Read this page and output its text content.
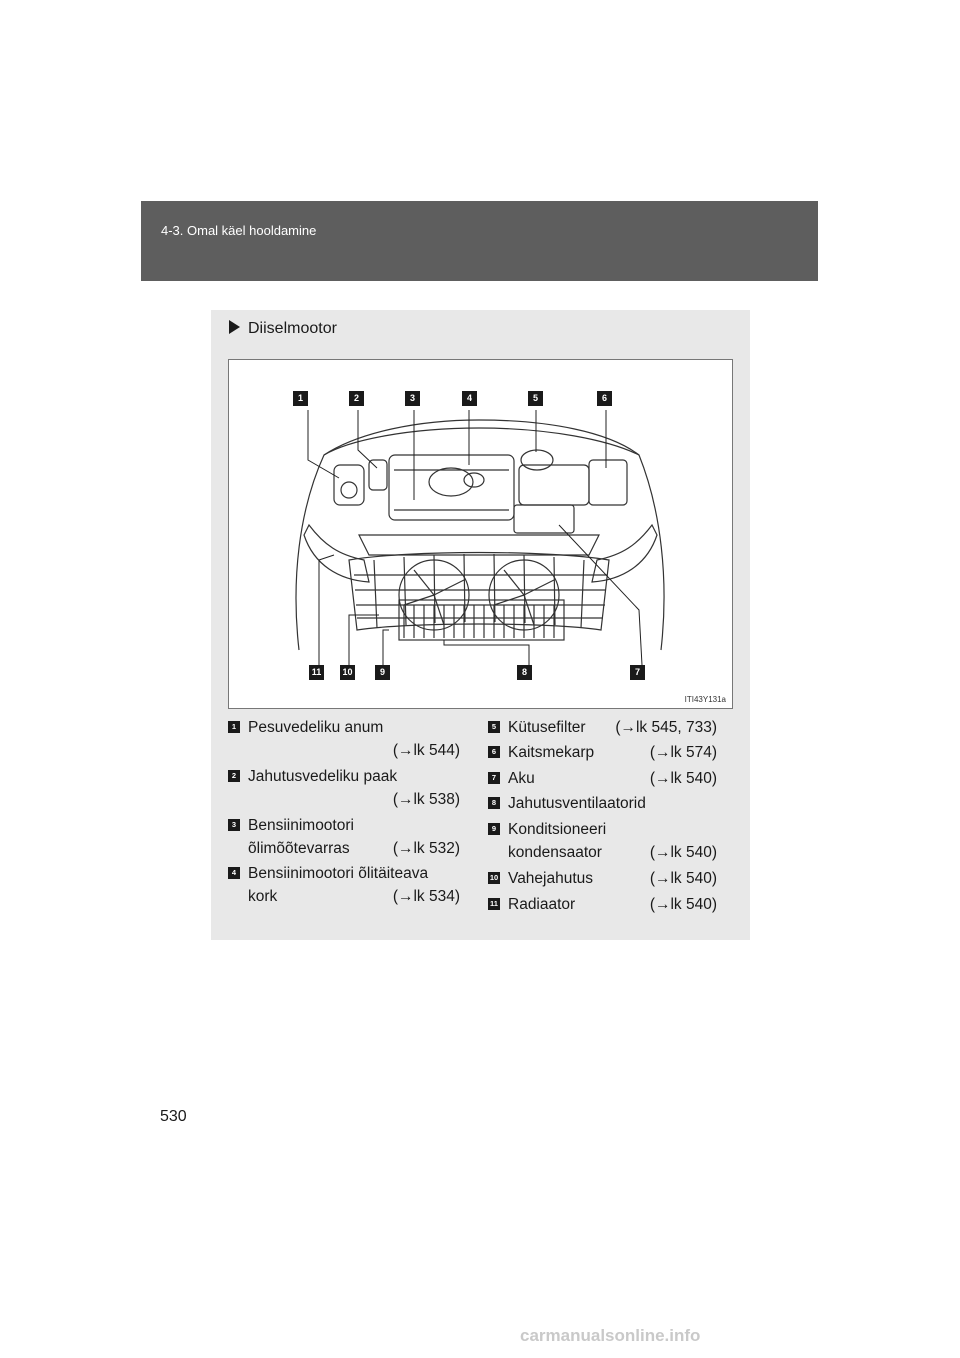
4-3. Omal käel hooldamine
Diiselmootor
1	2	3	4	5	6
7
8
9
10
11
ITI43Y131a
1 Pesuvedeliku anum
(→lk 544)
2 Jahutusvedeliku paak
(→lk 538)
3 Bensiinimootori
õlimõõtevarras	(→lk 532)
4 Bensiinimootori õlitäiteava
kork	(→lk 534)
5 Kütusefilter (→lk 545, 733)
6 Kaitsmekarp	(→lk 574)
7 Aku	(→lk 540)
8 Jahutusventilaatorid
9 Konditsioneeri
kondensaator	(→lk 540)
10 Vahejahutus	(→lk 540)
11 Radiaator	(→lk 540)
530
carmanualsonline.info
